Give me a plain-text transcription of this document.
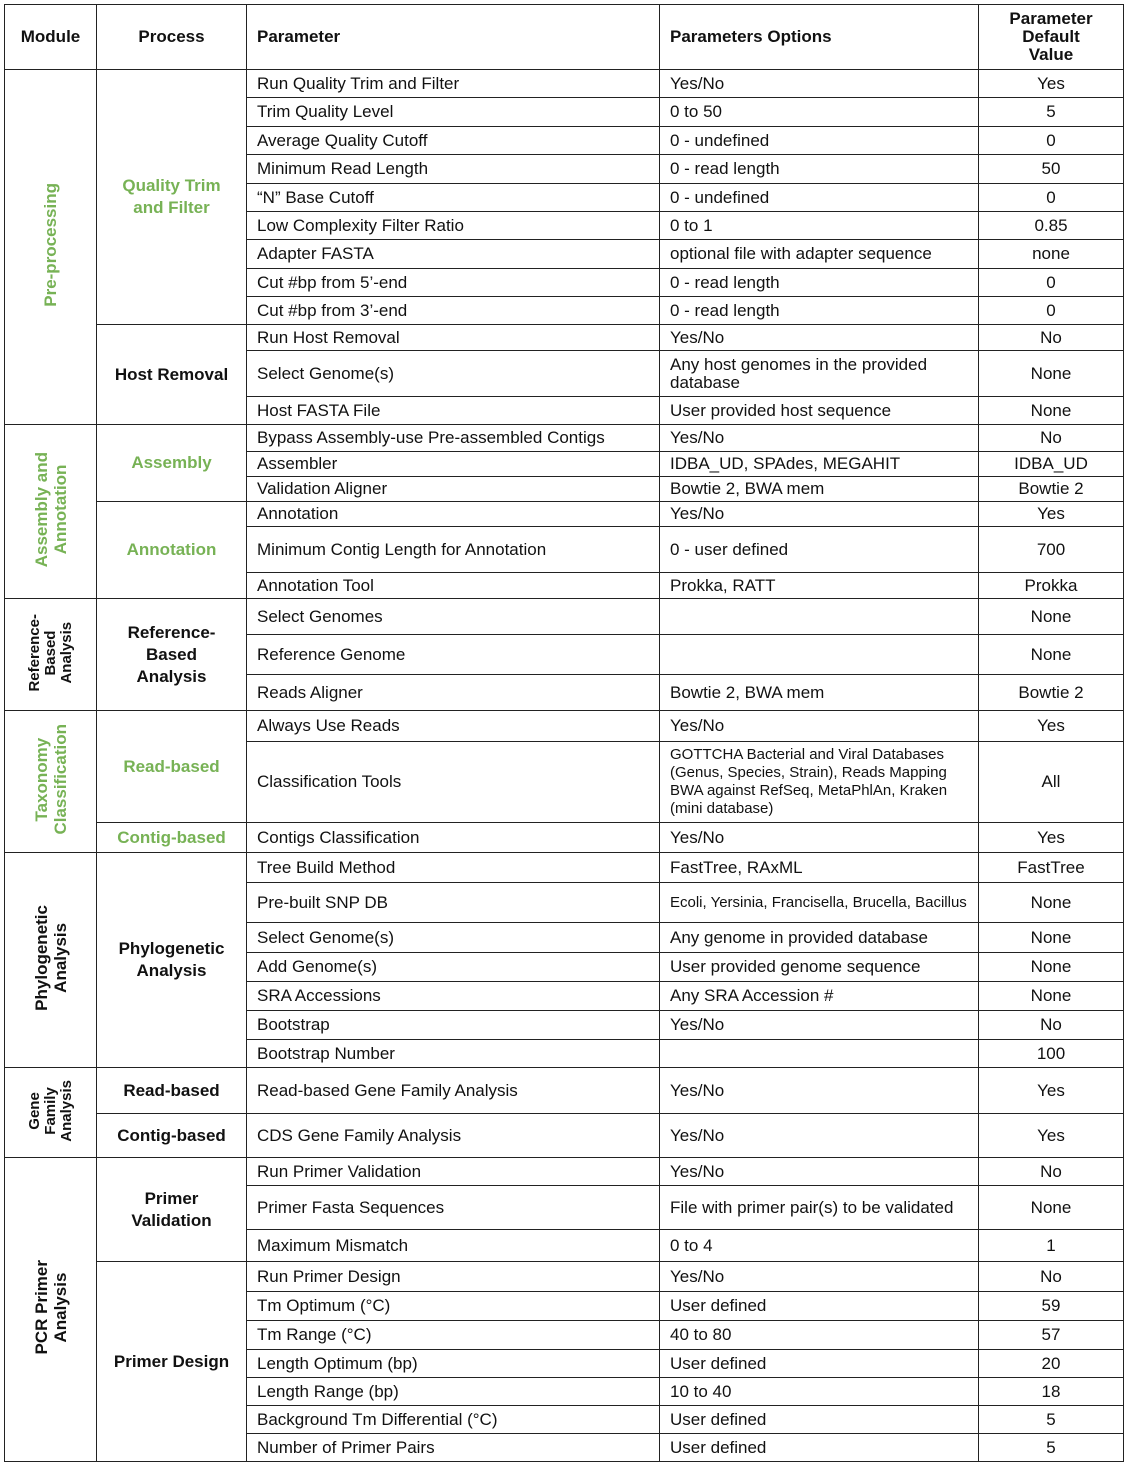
Module	Process	Parameter	Parameters Options	Parameter
Default
Value
Pre-processing	Quality Trim
and Filter	Run Quality Trim and Filter	Yes/No	Yes
		Trim Quality Level	0 to 50	5
		Average Quality Cutoff	0 - undefined	0
		Minimum Read Length	0 - read length	50
		“N” Base Cutoff	0 - undefined	0
		Low Complexity Filter Ratio	0 to 1	0.85
		Adapter FASTA	optional file with adapter sequence	none
		Cut #bp from 5’-end	0 - read length	0
		Cut #bp from 3’-end	0 - read length	0
	Host Removal	Run Host Removal	Yes/No	No
		Select Genome(s)	Any host genomes in the provided database	None
		Host FASTA File	User provided host sequence	None
Assembly and
Annotation	Assembly	Bypass Assembly-use Pre-assembled Contigs	Yes/No	No
		Assembler	IDBA_UD, SPAdes, MEGAHIT	IDBA_UD
		Validation Aligner	Bowtie 2, BWA mem	Bowtie 2
	Annotation	Annotation	Yes/No	Yes
		Minimum Contig Length for Annotation	0 - user defined	700
		Annotation Tool	Prokka, RATT	Prokka
Reference-
Based
Analysis	Reference-
Based
Analysis	Select Genomes		None
		Reference Genome		None
		Reads Aligner	Bowtie 2, BWA mem	Bowtie 2
Taxonomy
Classification	Read-based	Always Use Reads	Yes/No	Yes
		Classification Tools	GOTTCHA Bacterial and Viral Databases (Genus, Species, Strain), Reads Mapping BWA against RefSeq, MetaPhlAn, Kraken (mini database)	All
	Contig-based	Contigs Classification	Yes/No	Yes
Phylogenetic
Analysis	Phylogenetic
Analysis	Tree Build Method	FastTree, RAxML	FastTree
		Pre-built SNP DB	Ecoli, Yersinia, Francisella, Brucella, Bacillus	None
		Select Genome(s)	Any genome in provided database	None
		Add Genome(s)	User provided genome sequence	None
		SRA Accessions	Any SRA Accession #	None
		Bootstrap	Yes/No	No
		Bootstrap Number		100
Gene
Family
Analysis	Read-based	Read-based Gene Family Analysis	Yes/No	Yes
	Contig-based	CDS Gene Family Analysis	Yes/No	Yes
PCR Primer
Analysis	Primer
Validation	Run Primer Validation	Yes/No	No
		Primer Fasta Sequences	File with primer pair(s) to be validated	None
		Maximum Mismatch	0 to 4	1
	Primer Design	Run Primer Design	Yes/No	No
		Tm Optimum (°C)	User defined	59
		Tm Range (°C)	40 to 80	57
		Length Optimum (bp)	User defined	20
		Length Range (bp)	10 to 40	18
		Background Tm Differential (°C)	User defined	5
		Number of Primer Pairs	User defined	5
